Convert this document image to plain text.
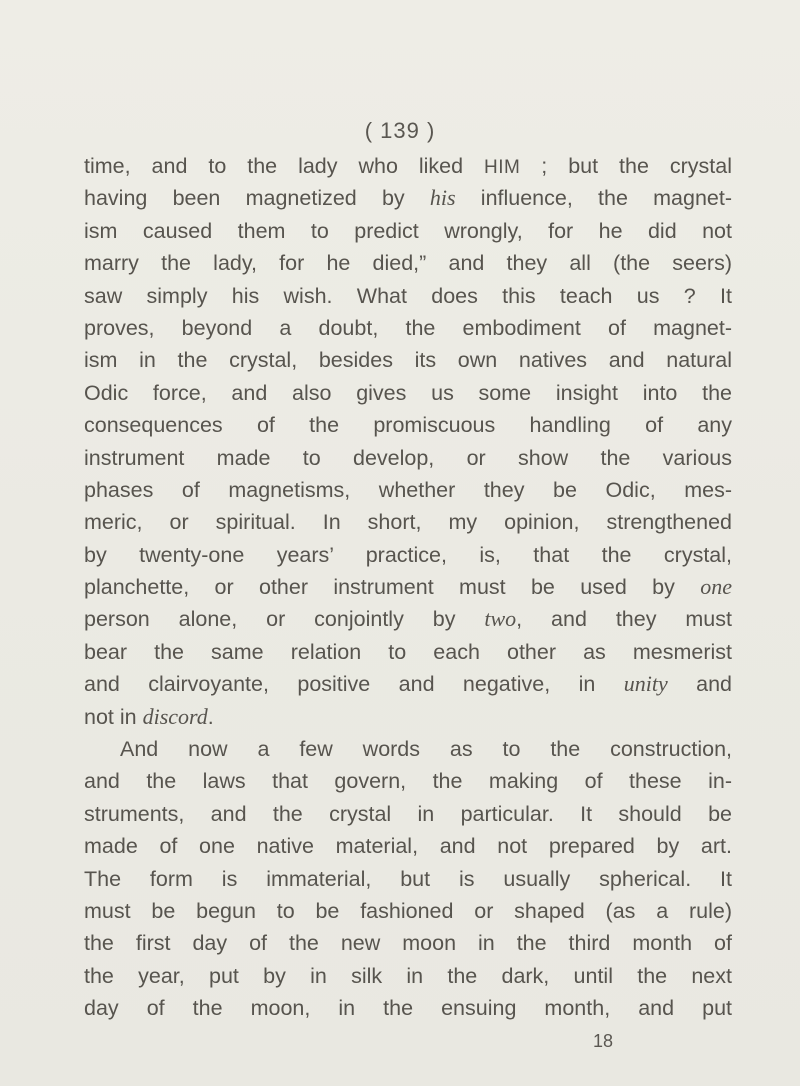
( 139 )
time, and to the lady who liked HIM ; but the crystal
having been magnetized by his influence, the magnet-
ism caused them to predict wrongly, for he did not
marry the lady, for he died,” and they all (the seers)
saw simply his wish. What does this teach us ? It
proves, beyond a doubt, the embodiment of magnet-
ism in the crystal, besides its own natives and natural
Odic force, and also gives us some insight into the
consequences of the promiscuous handling of any
instrument made to develop, or show the various
phases of magnetisms, whether they be Odic, mes-
meric, or spiritual. In short, my opinion, strengthened
by twenty-one years’ practice, is, that the crystal,
planchette, or other instrument must be used by one
person alone, or conjointly by two, and they must
bear the same relation to each other as mesmerist
and clairvoyante, positive and negative, in unity and
not in discord.
And now a few words as to the construction,
and the laws that govern, the making of these in-
struments, and the crystal in particular. It should be
made of one native material, and not prepared by art.
The form is immaterial, but is usually spherical. It
must be begun to be fashioned or shaped (as a rule)
the first day of the new moon in the third month of
the year, put by in silk in the dark, until the next
day of the moon, in the ensuing month, and put
18
